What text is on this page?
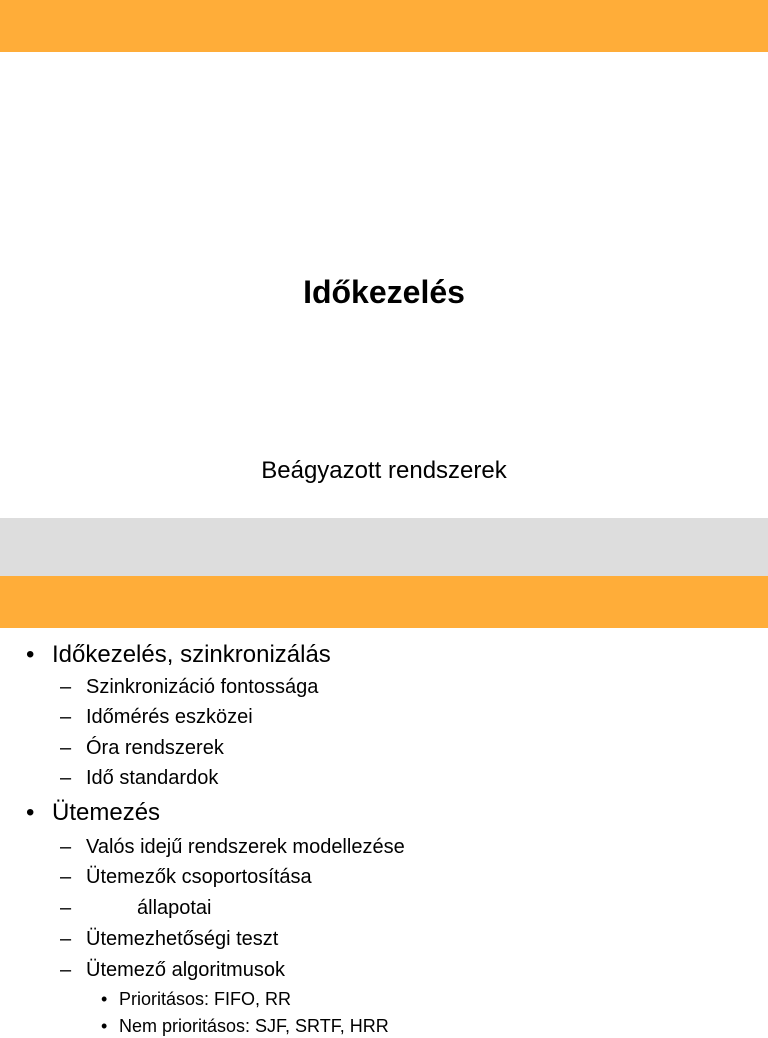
Időkezelés
Beágyazott rendszerek
• Időkezelés, szinkronizálás
– Szinkronizáció fontossága
– Időmérés eszközei
– Óra rendszerek
– Idő standardok
• Ütemezés
– Valós idejű rendszerek modellezése
– Ütemezők csoportosítása
–	állapotai
– Ütemezhetőségi teszt
– Ütemező algoritmusok
• Prioritásos: FIFO, RR
• Nem prioritásos: SJF, SRTF, HRR
